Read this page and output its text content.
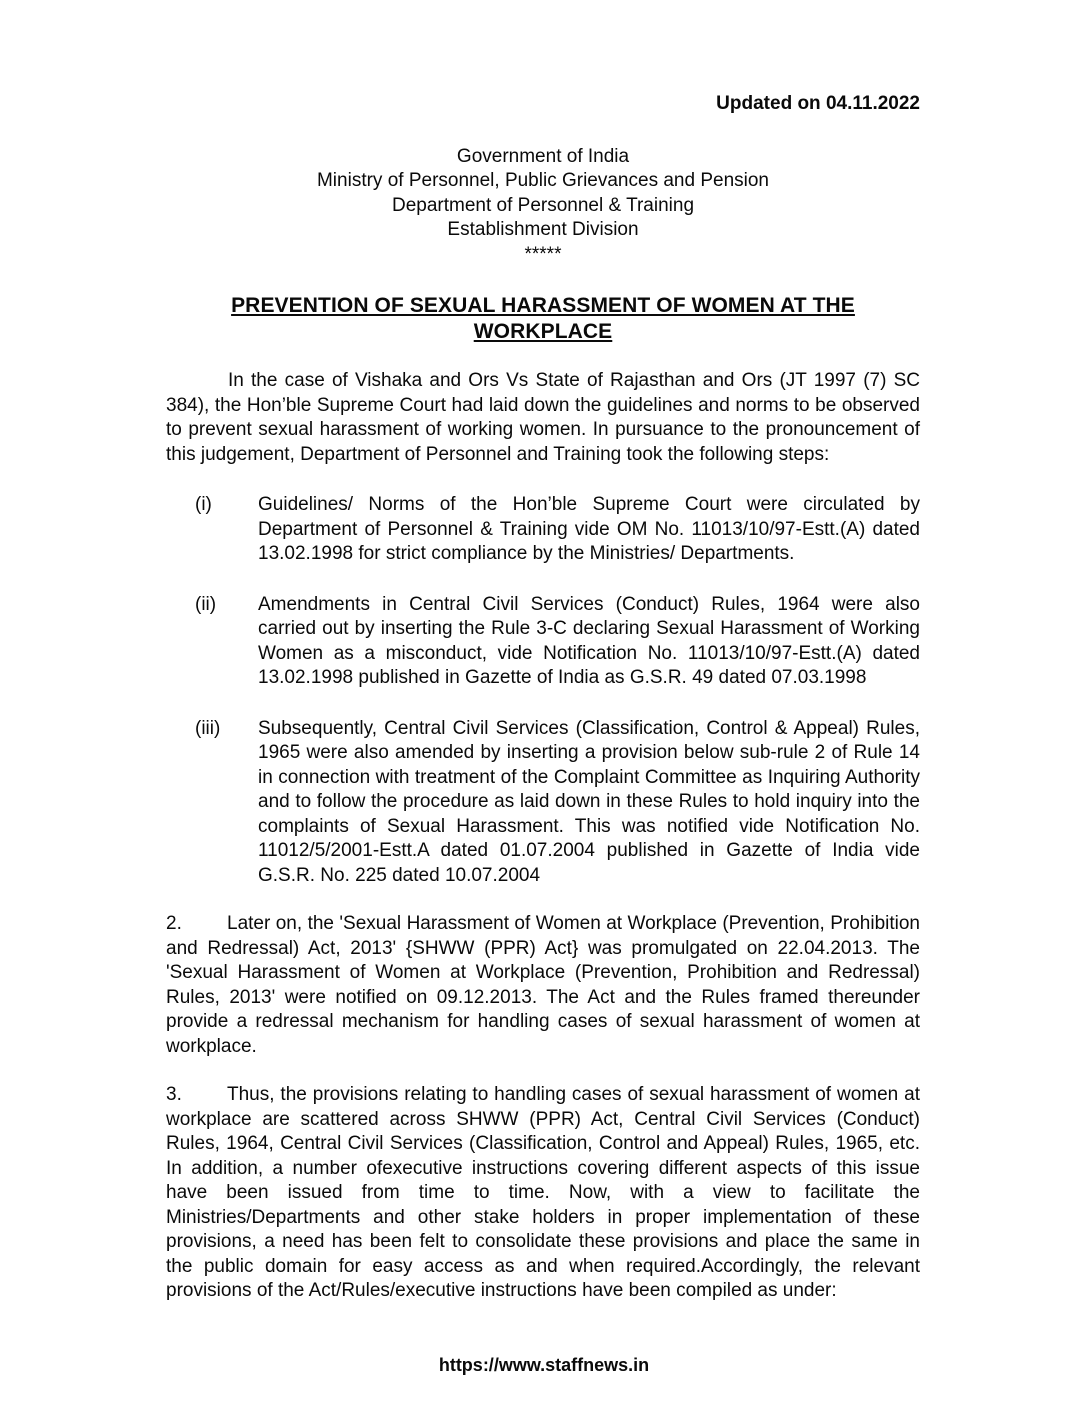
Updated on 04.11.2022
Government of India
Ministry of Personnel, Public Grievances and Pension
Department of Personnel & Training
Establishment Division
*****
PREVENTION OF SEXUAL HARASSMENT OF WOMEN AT THE WORKPLACE

In the case of Vishaka and Ors Vs State of Rajasthan and Ors (JT 1997 (7) SC 384), the Hon’ble Supreme Court had laid down the guidelines and norms to be observed to prevent sexual harassment of working women. In pursuance to the pronouncement of this judgement, Department of Personnel and Training took the following steps:

(i)	Guidelines/ Norms of the Hon’ble Supreme Court were circulated by Department of Personnel & Training vide OM No. 11013/10/97-Estt.(A) dated 13.02.1998 for strict compliance by the Ministries/ Departments.
(ii)	Amendments in Central Civil Services (Conduct) Rules, 1964 were also carried out by inserting the Rule 3-C declaring Sexual Harassment of Working Women as a misconduct, vide Notification No. 11013/10/97-Estt.(A) dated 13.02.1998 published in Gazette of India as G.S.R. 49 dated 07.03.1998
(iii)	Subsequently, Central Civil Services (Classification, Control & Appeal) Rules, 1965 were also amended by inserting a provision below sub-rule 2 of Rule 14 in connection with treatment of the Complaint Committee as Inquiring Authority and to follow the procedure as laid down in these Rules to hold inquiry into the complaints of Sexual Harassment. This was notified vide Notification No. 11012/5/2001-Estt.A dated 01.07.2004 published in Gazette of India vide G.S.R. No. 225 dated 10.07.2004

2. Later on, the 'Sexual Harassment of Women at Workplace (Prevention, Prohibition and Redressal) Act, 2013' {SHWW (PPR) Act} was promulgated on 22.04.2013. The 'Sexual Harassment of Women at Workplace (Prevention, Prohibition and Redressal) Rules, 2013' were notified on 09.12.2013. The Act and the Rules framed thereunder provide a redressal mechanism for handling cases of sexual harassment of women at workplace.

3. Thus, the provisions relating to handling cases of sexual harassment of women at workplace are scattered across SHWW (PPR) Act, Central Civil Services (Conduct) Rules, 1964, Central Civil Services (Classification, Control and Appeal) Rules, 1965, etc. In addition, a number ofexecutive instructions covering different aspects of this issue have been issued from time to time. Now, with a view to facilitate the Ministries/Departments and other stake holders in proper implementation of these provisions, a need has been felt to consolidate these provisions and place the same in the public domain for easy access as and when required.Accordingly, the relevant provisions of the Act/Rules/executive instructions have been compiled as under:

https://www.staffnews.in
